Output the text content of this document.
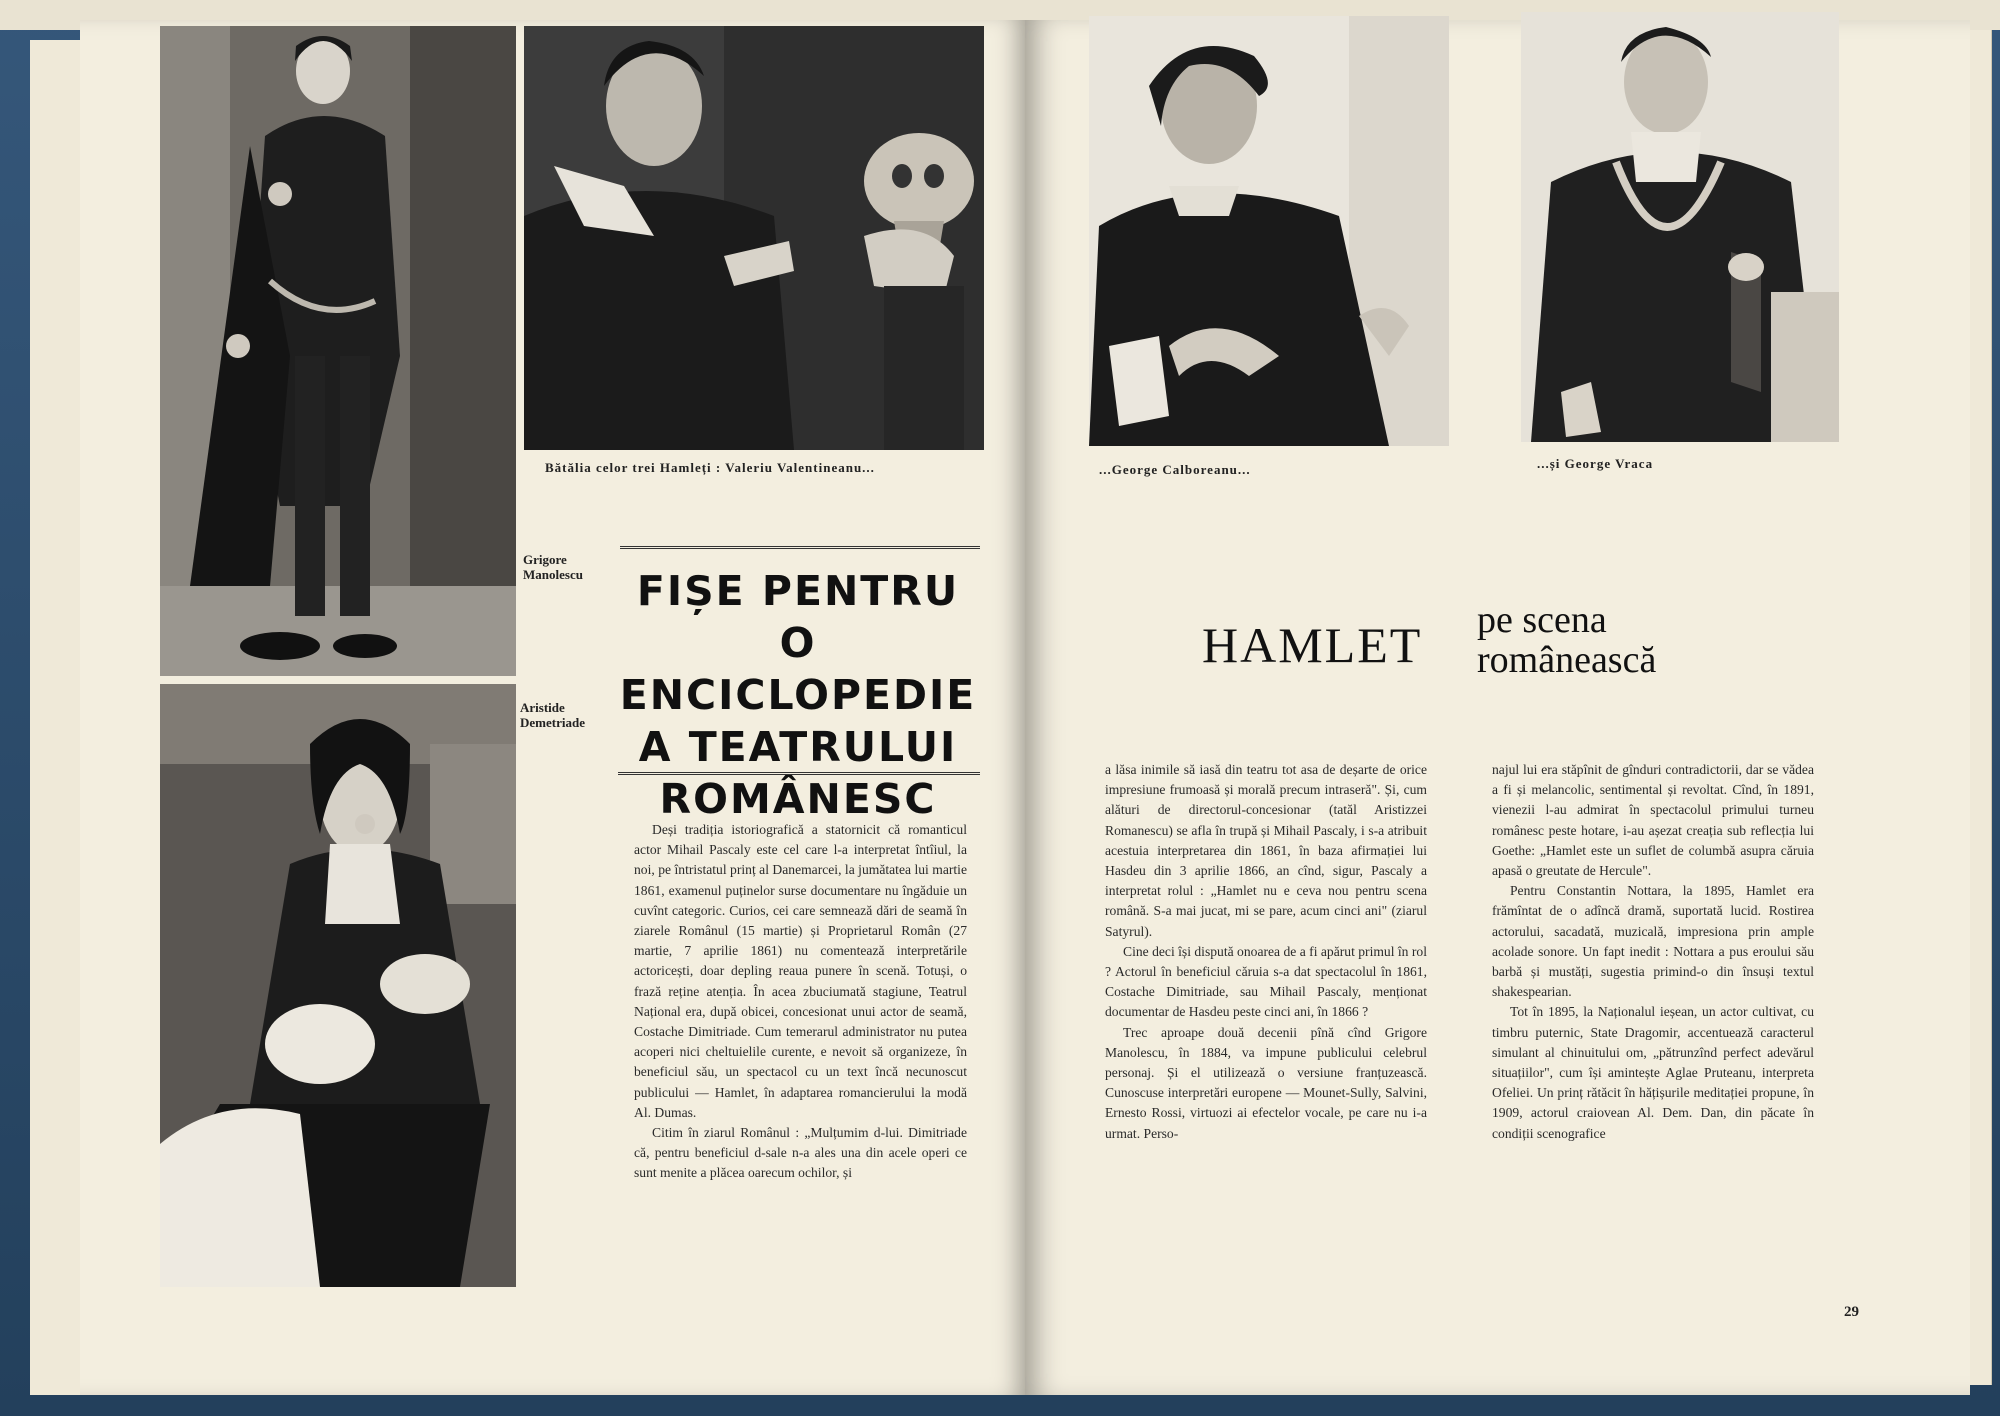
Bătălia celor trei Hamleți : Valeriu Valentineanu...
Grigore
Manolescu
Aristide
Demetriade
FIȘE PENTRU
O ENCICLOPEDIE
A TEATRULUI
ROMÂNESC

Deși tradiția istoriografică a statornicit că romanticul actor Mihail Pascaly este cel care l-a interpretat întîiul, la noi, pe întristatul prinț al Danemarcei, la jumătatea lui martie 1861, examenul puținelor surse documentare nu îngăduie un cuvînt categoric. Curios, cei care semnează dări de seamă în ziarele Românul (15 martie) și Proprietarul Român (27 martie, 7 aprilie 1861) nu comentează interpretările actoricești, doar depling reaua punere în scenă. Totuși, o frază reține atenția. În acea zbuciumată stagiune, Teatrul Național era, după obicei, concesionat unui actor de seamă, Costache Dimitriade. Cum temerarul administrator nu putea acoperi nici cheltuielile curente, e nevoit să organizeze, în beneficiul său, un spectacol cu un text încă necunoscut publicului — Hamlet, în adaptarea romancierului la modă Al. Dumas.

Citim în ziarul Românul : „Mulțumim d-lui. Dimitriade că, pentru beneficiul d-sale n-a ales una din acele operi ce sunt menite a plăcea oarecum ochilor, și

...George Calboreanu...	...și George Vraca
HAMLET pe scena
românească

a lăsa inimile să iasă din teatru tot asa de deșarte de orice impresiune frumoasă și morală precum intraseră". Și, cum alături de directorul-concesionar (tatăl Aristizzei Romanescu) se afla în trupă și Mihail Pascaly, i s-a atribuit acestuia interpretarea din 1861, în baza afirmației lui Hasdeu din 3 aprilie 1866, an cînd, sigur, Pascaly a interpretat rolul : „Hamlet nu e ceva nou pentru scena română. S-a mai jucat, mi se pare, acum cinci ani" (ziarul Satyrul).

Cine deci își dispută onoarea de a fi apărut primul în rol ? Actorul în beneficiul căruia s-a dat spectacolul în 1861, Costache Dimitriade, sau Mihail Pascaly, menționat documentar de Hasdeu peste cinci ani, în 1866 ?

Trec aproape două decenii pînă cînd Grigore Manolescu, în 1884, va impune publicului celebrul personaj. Și el utilizează o versiune franțuzească. Cunoscuse interpretări europene — Mounet-Sully, Salvini, Ernesto Rossi, virtuozi ai efectelor vocale, pe care nu i-a urmat. Perso-

najul lui era stăpînit de gînduri contradictorii, dar se vădea a fi și melancolic, sentimental și revoltat. Cînd, în 1891, vienezii l-au admirat în spectacolul primului turneu românesc peste hotare, i-au așezat creația sub reflecția lui Goethe: „Hamlet este un suflet de columbă asupra căruia apasă o greutate de Hercule".

Pentru Constantin Nottara, la 1895, Hamlet era frămîntat de o adîncă dramă, suportată lucid. Rostirea actorului, sacadată, muzicală, impresiona prin ample acolade sonore. Un fapt inedit : Nottara a pus eroului său barbă și mustăți, sugestia primind-o din însuși textul shakespearian.

Tot în 1895, la Naționalul ieșean, un actor cultivat, cu timbru puternic, State Dragomir, accentuează caracterul simulant al chinuitului om, „pătrunzînd perfect adevărul situațiilor", cum își amintește Aglae Pruteanu, interpreta Ofeliei. Un prinț rătăcit în hățișurile meditației propune, în 1909, actorul craiovean Al. Dem. Dan, din păcate în condiții scenografice

29
